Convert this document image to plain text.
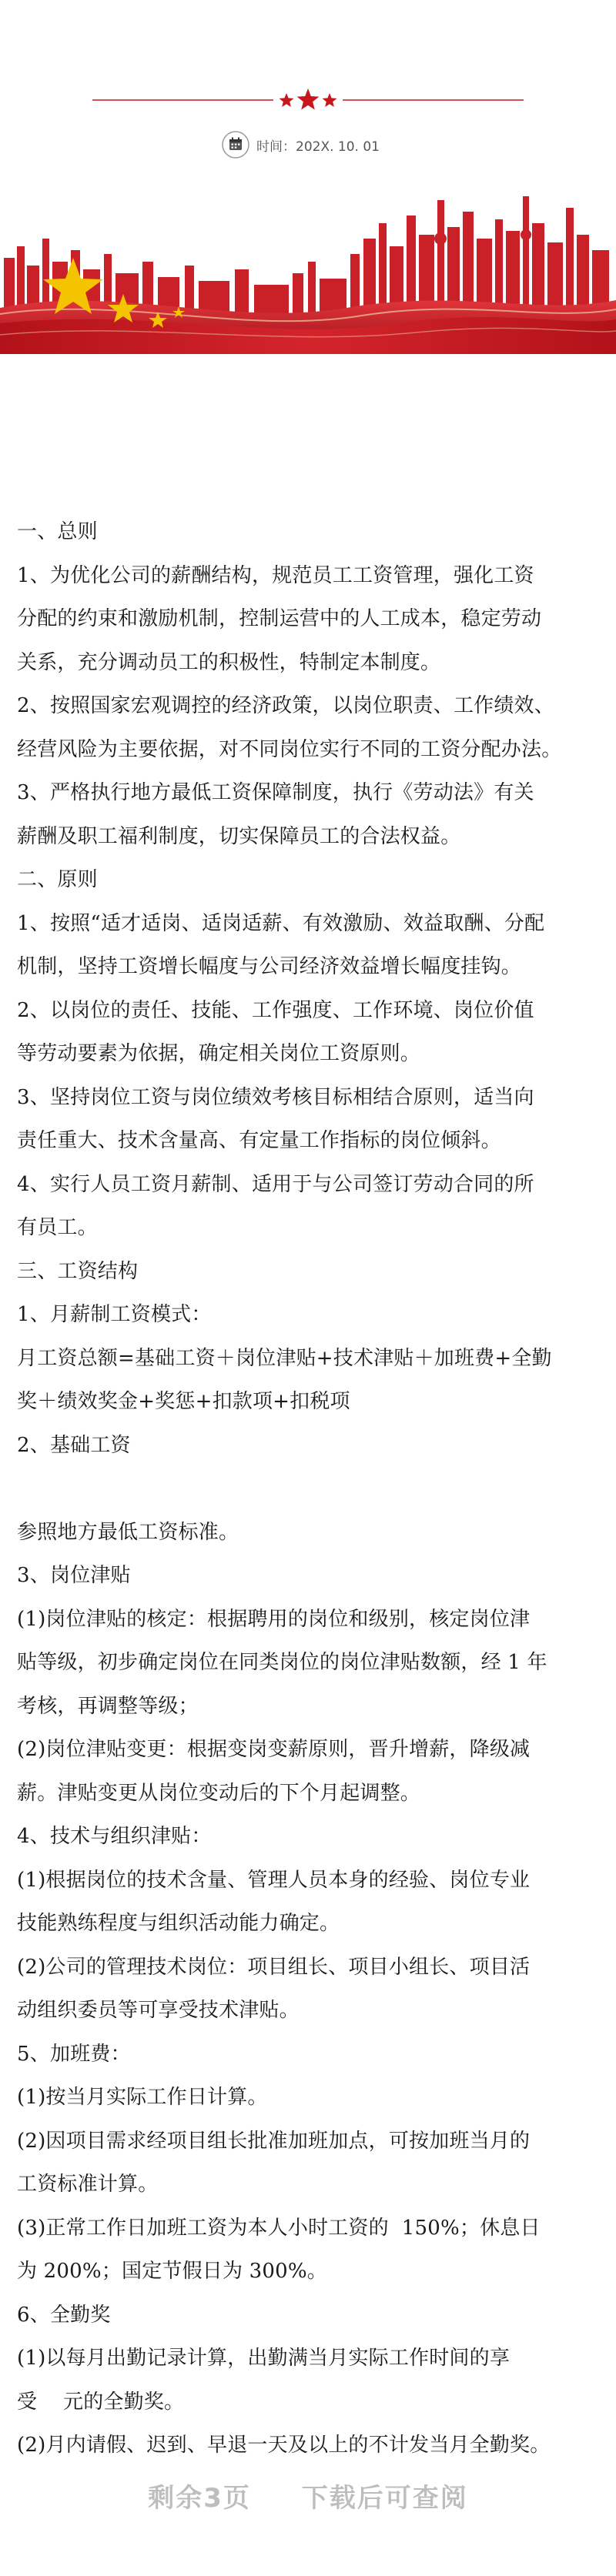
时间：202X. 10. 01

一、总则

1、为优化公司的薪酬结构，规范员工工资管理，强化工资

分配的约束和激励机制，控制运营中的人工成本，稳定劳动

关系，充分调动员工的积极性，特制定本制度。

2、按照国家宏观调控的经济政策，以岗位职责、工作绩效、

经营风险为主要依据，对不同岗位实行不同的工资分配办法。

3、严格执行地方最低工资保障制度，执行《劳动法》有关

薪酬及职工福利制度，切实保障员工的合法权益。

二、原则

1、按照“适才适岗、适岗适薪、有效激励、效益取酬、分配

机制，坚持工资增长幅度与公司经济效益增长幅度挂钩。

2、以岗位的责任、技能、工作强度、工作环境、岗位价值

等劳动要素为依据，确定相关岗位工资原则。

3、坚持岗位工资与岗位绩效考核目标相结合原则，适当向

责任重大、技术含量高、有定量工作指标的岗位倾斜。

4、实行人员工资月薪制、适用于与公司签订劳动合同的所

有员工。

三、工资结构

1、月薪制工资模式：

月工资总额=基础工资＋岗位津贴+技术津贴＋加班费+全勤

奖＋绩效奖金+奖惩+扣款项+扣税项

2、基础工资

参照地方最低工资标准。

3、岗位津贴

(1)岗位津贴的核定：根据聘用的岗位和级别，核定岗位津

贴等级，初步确定岗位在同类岗位的岗位津贴数额，经 1 年

考核，再调整等级；

(2)岗位津贴变更：根据变岗变薪原则，晋升增薪，降级减

薪。津贴变更从岗位变动后的下个月起调整。

4、技术与组织津贴：

(1)根据岗位的技术含量、管理人员本身的经验、岗位专业

技能熟练程度与组织活动能力确定。

(2)公司的管理技术岗位：项目组长、项目小组长、项目活

动组织委员等可享受技术津贴。

5、加班费：

(1)按当月实际工作日计算。

(2)因项目需求经项目组长批准加班加点，可按加班当月的

工资标准计算。

(3)正常工作日加班工资为本人小时工资的  150%；休息日

为 200%；国定节假日为 300%。

6、全勤奖

(1)以每月出勤记录计算，出勤满当月实际工作时间的享

受    元的全勤奖。

(2)月内请假、迟到、早退一天及以上的不计发当月全勤奖。

剩余3页 下载后可查阅
